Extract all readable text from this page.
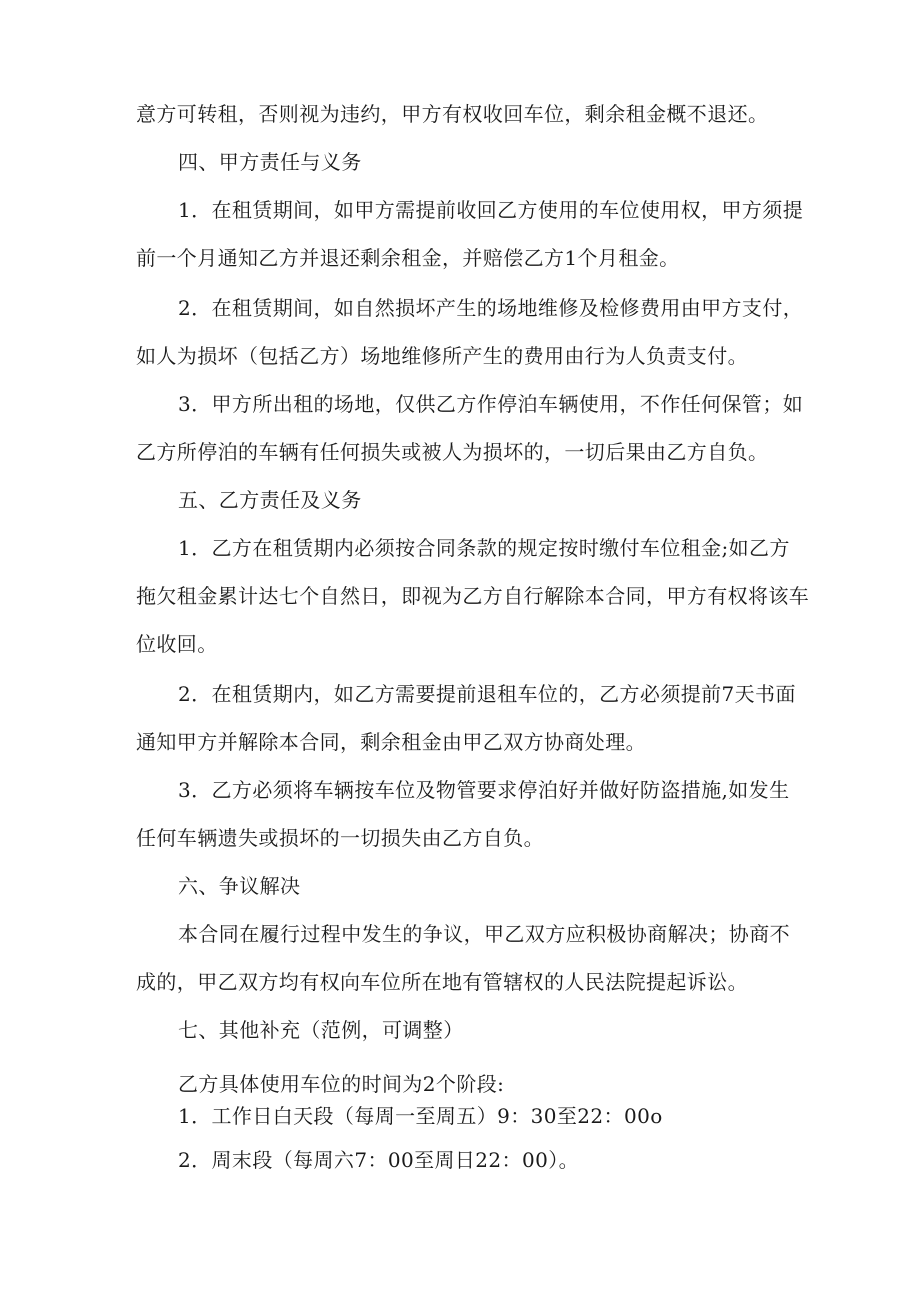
意方可转租，否则视为违约，甲方有权收回车位，剩余租金概不退还。
四、甲方责任与义务
1．在租赁期间，如甲方需提前收回乙方使用的车位使用权，甲方须提
前一个月通知乙方并退还剩余租金，并赔偿乙方1个月租金。
2．在租赁期间，如自然损坏产生的场地维修及检修费用由甲方支付，
如人为损坏（包括乙方）场地维修所产生的费用由行为人负责支付。
3．甲方所出租的场地，仅供乙方作停泊车辆使用，不作任何保管；如
乙方所停泊的车辆有任何损失或被人为损坏的，一切后果由乙方自负。
五、乙方责任及义务
1．乙方在租赁期内必须按合同条款的规定按时缴付车位租金;如乙方
拖欠租金累计达七个自然日，即视为乙方自行解除本合同，甲方有权将该车
位收回。
2．在租赁期内，如乙方需要提前退租车位的，乙方必须提前7天书面
通知甲方并解除本合同，剩余租金由甲乙双方协商处理。
3．乙方必须将车辆按车位及物管要求停泊好并做好防盗措施,如发生
任何车辆遗失或损坏的一切损失由乙方自负。
六、争议解决
本合同在履行过程中发生的争议，甲乙双方应积极协商解决；协商不
成的，甲乙双方均有权向车位所在地有管辖权的人民法院提起诉讼。
七、其他补充（范例，可调整）
乙方具体使用车位的时间为2个阶段:
1．工作日白天段（每周一至周五）9：30至22：00o
2．周末段（每周六7：00至周日22：00）。
